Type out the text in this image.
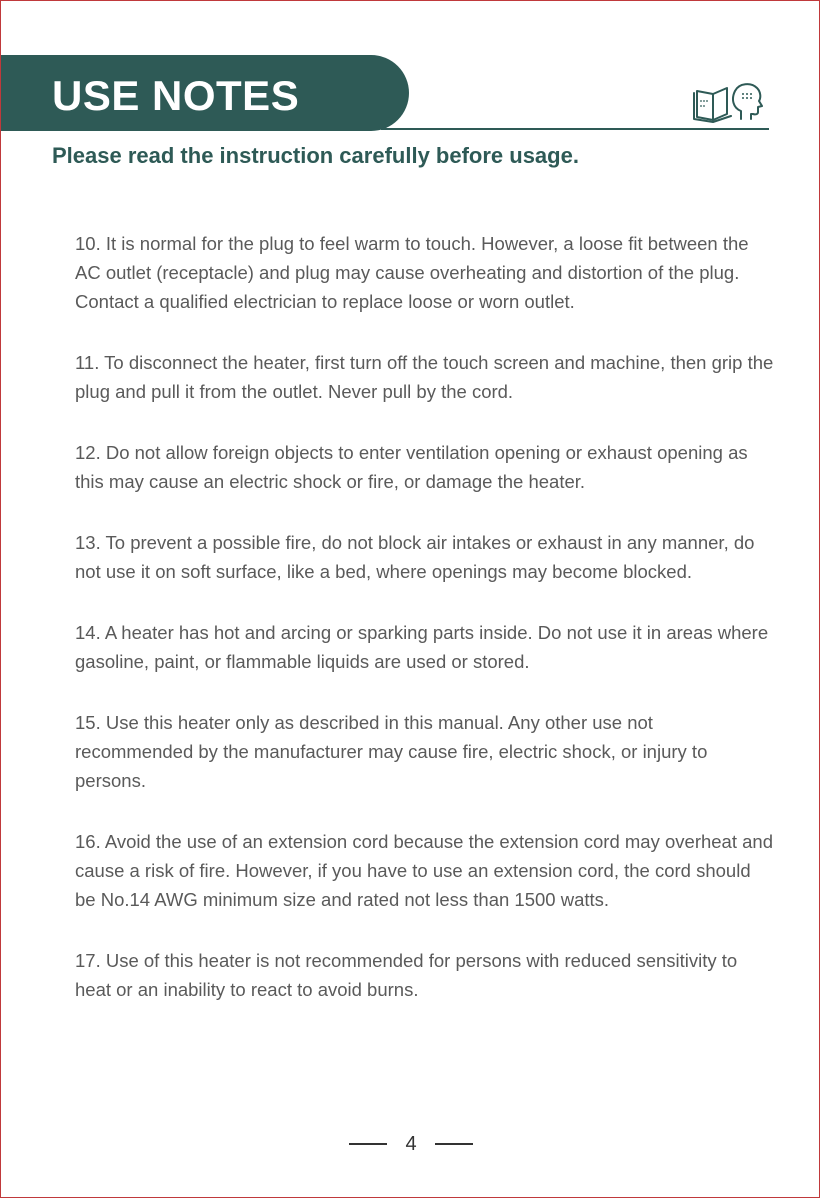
USE NOTES
Please read the instruction carefully before usage.

10. It is normal for the plug to feel warm to touch. However, a loose fit between the AC outlet (receptacle) and plug may cause overheating and distortion of the plug. Contact a qualified electrician to replace loose or worn outlet.

11. To disconnect the heater, first turn off the touch screen and machine, then grip the plug and pull it from the outlet. Never pull by the cord.

12. Do not allow foreign objects to enter ventilation opening or exhaust opening as this may cause an electric shock or fire, or damage the heater.

13. To prevent a possible fire, do not block air intakes or exhaust in any manner, do not use it on soft surface, like a bed, where openings may become blocked.

14. A heater has hot and arcing or sparking parts inside. Do not use it in areas where gasoline, paint, or flammable liquids are used or stored.

15. Use this heater only as described in this manual. Any other use not recommended by the manufacturer may cause fire, electric shock, or injury to persons.

16. Avoid the use of an extension cord because the extension cord may overheat and cause a risk of fire. However, if you have to use an extension cord, the cord should be No.14 AWG minimum size and rated not less than 1500 watts.

17. Use of this heater is not recommended for persons with reduced sensitivity to heat or an inability to react to avoid burns.

4
